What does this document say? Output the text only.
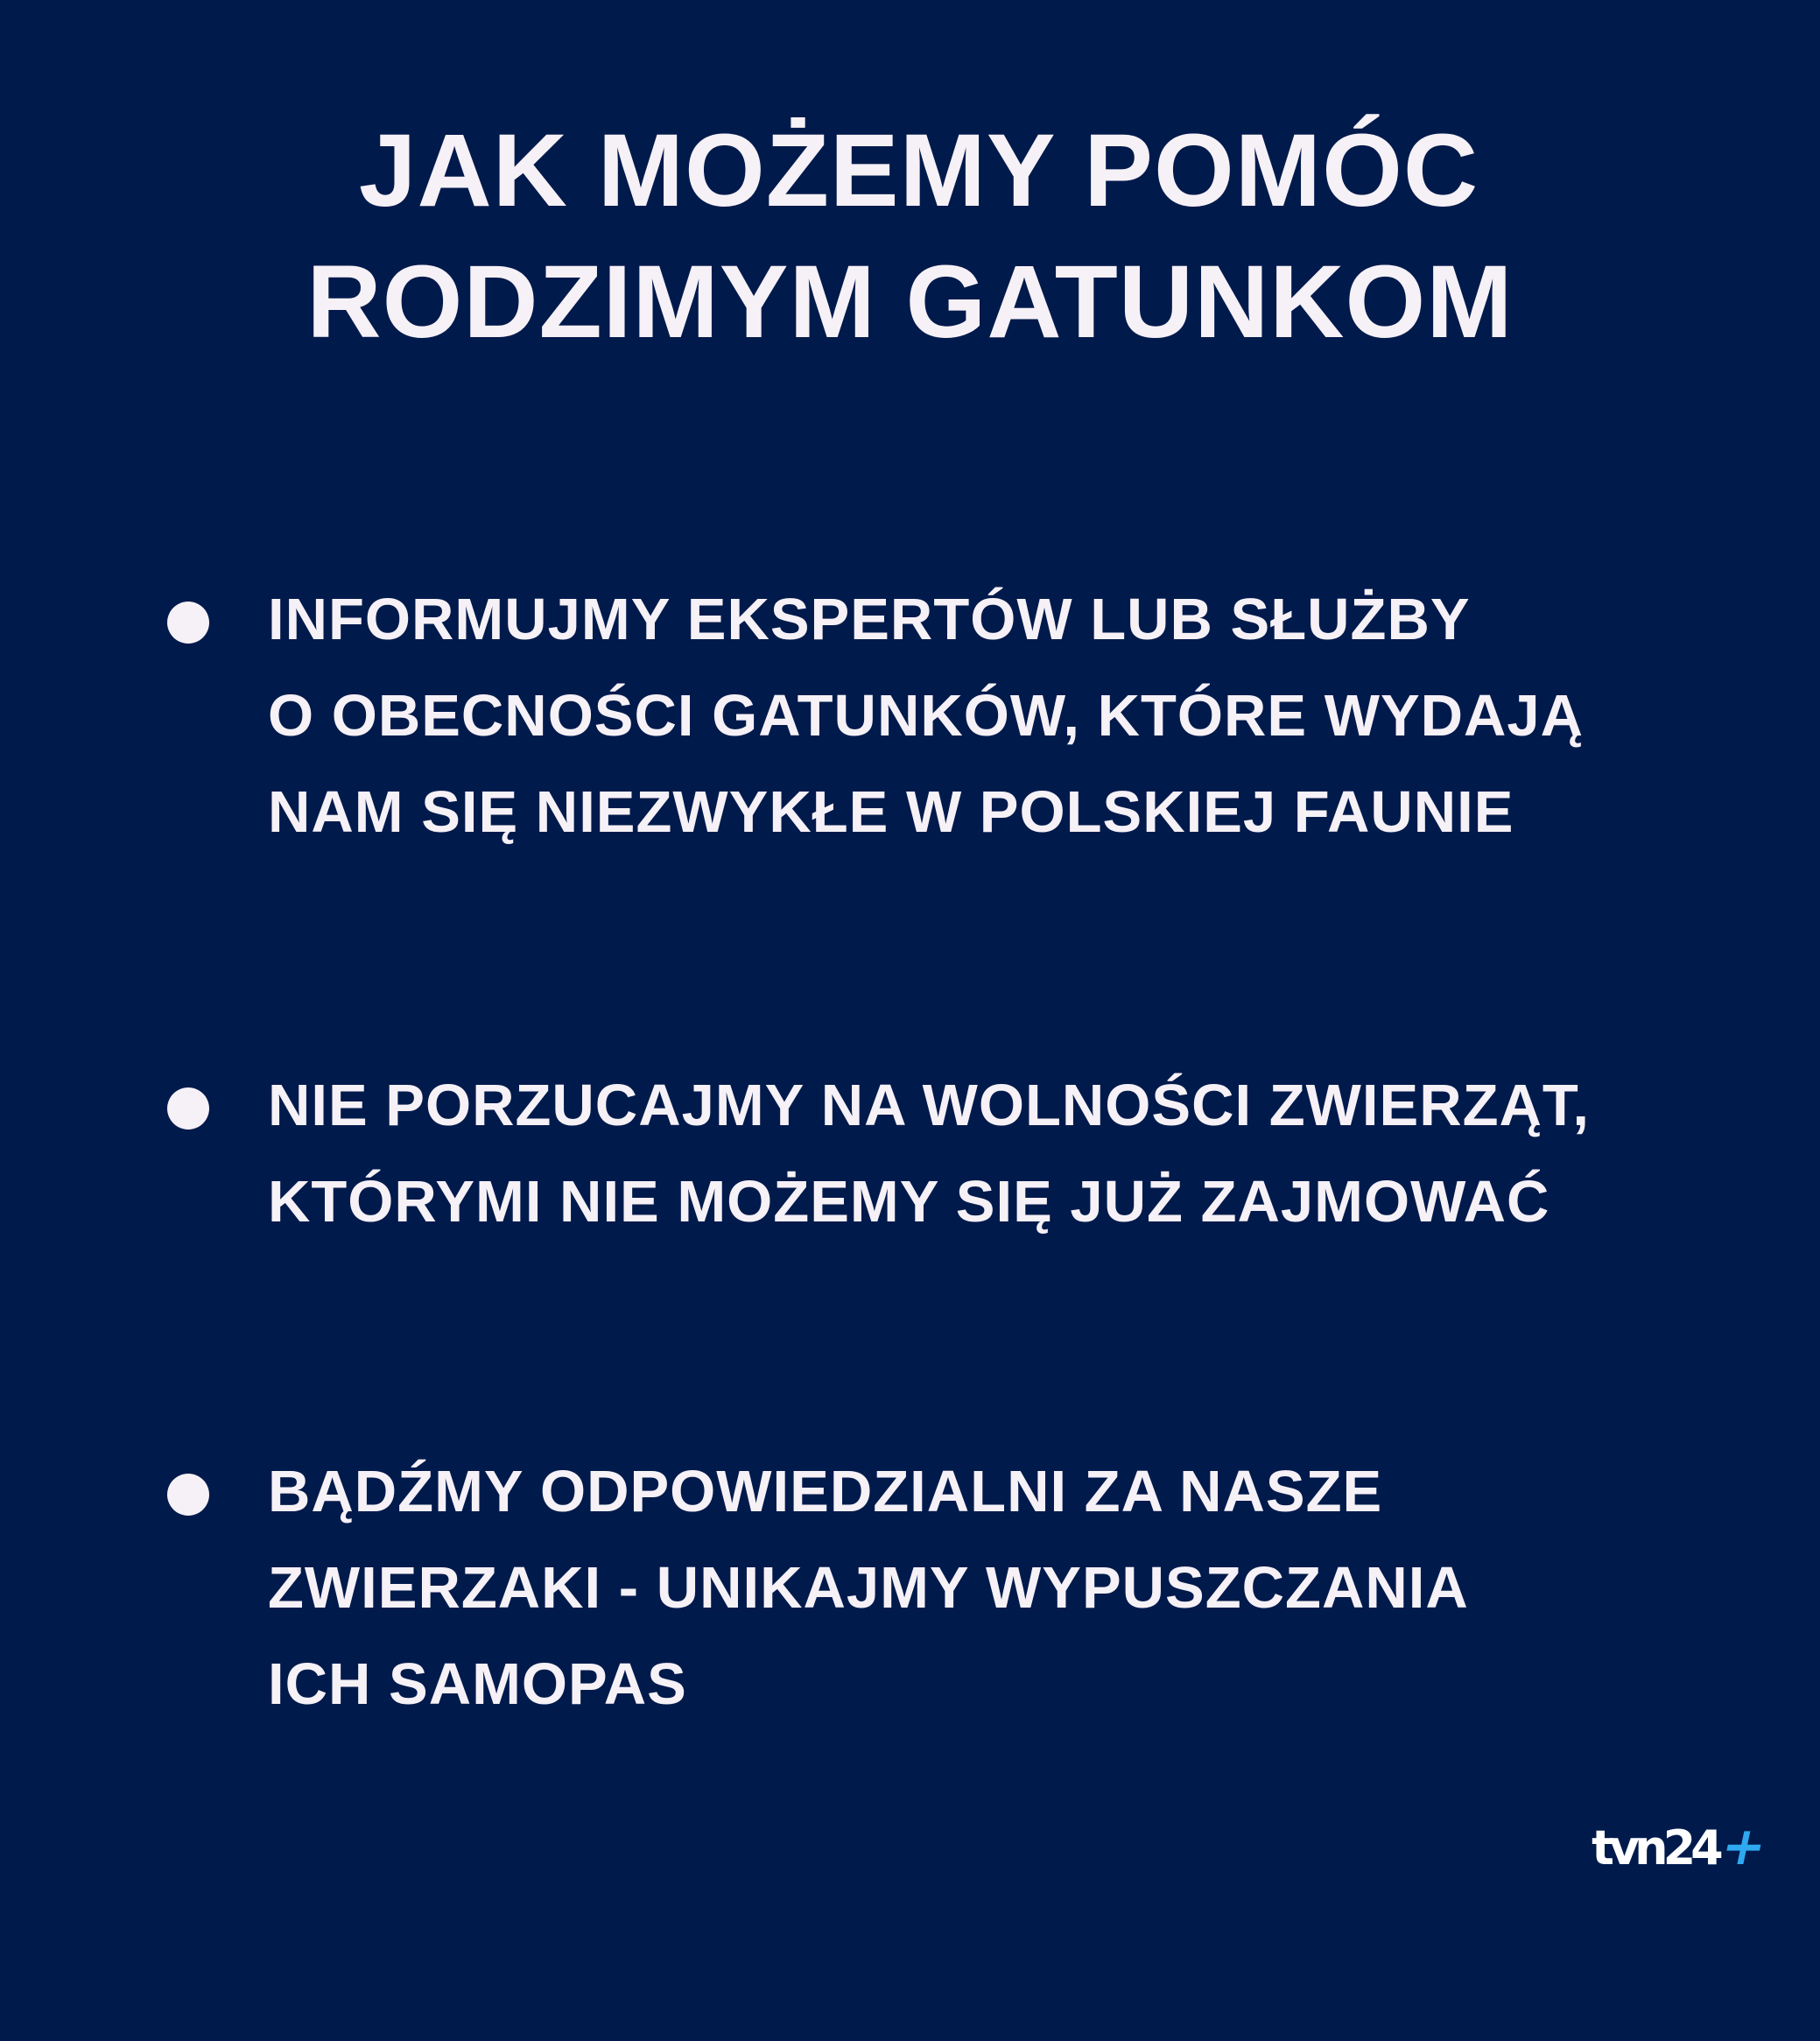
JAK MOŻEMY POMÓC
RODZIMYM GATUNKOM
INFORMUJMY EKSPERTÓW LUB SŁUŻBY
O OBECNOŚCI GATUNKÓW, KTÓRE WYDAJĄ
NAM SIĘ NIEZWYKŁE W POLSKIEJ FAUNIE
NIE PORZUCAJMY NA WOLNOŚCI ZWIERZĄT,
KTÓRYMI NIE MOŻEMY SIĘ JUŻ ZAJMOWAĆ
BĄDŹMY ODPOWIEDZIALNI ZA NASZE
ZWIERZAKI - UNIKAJMY WYPUSZCZANIA
ICH SAMOPAS
tvn24
+
